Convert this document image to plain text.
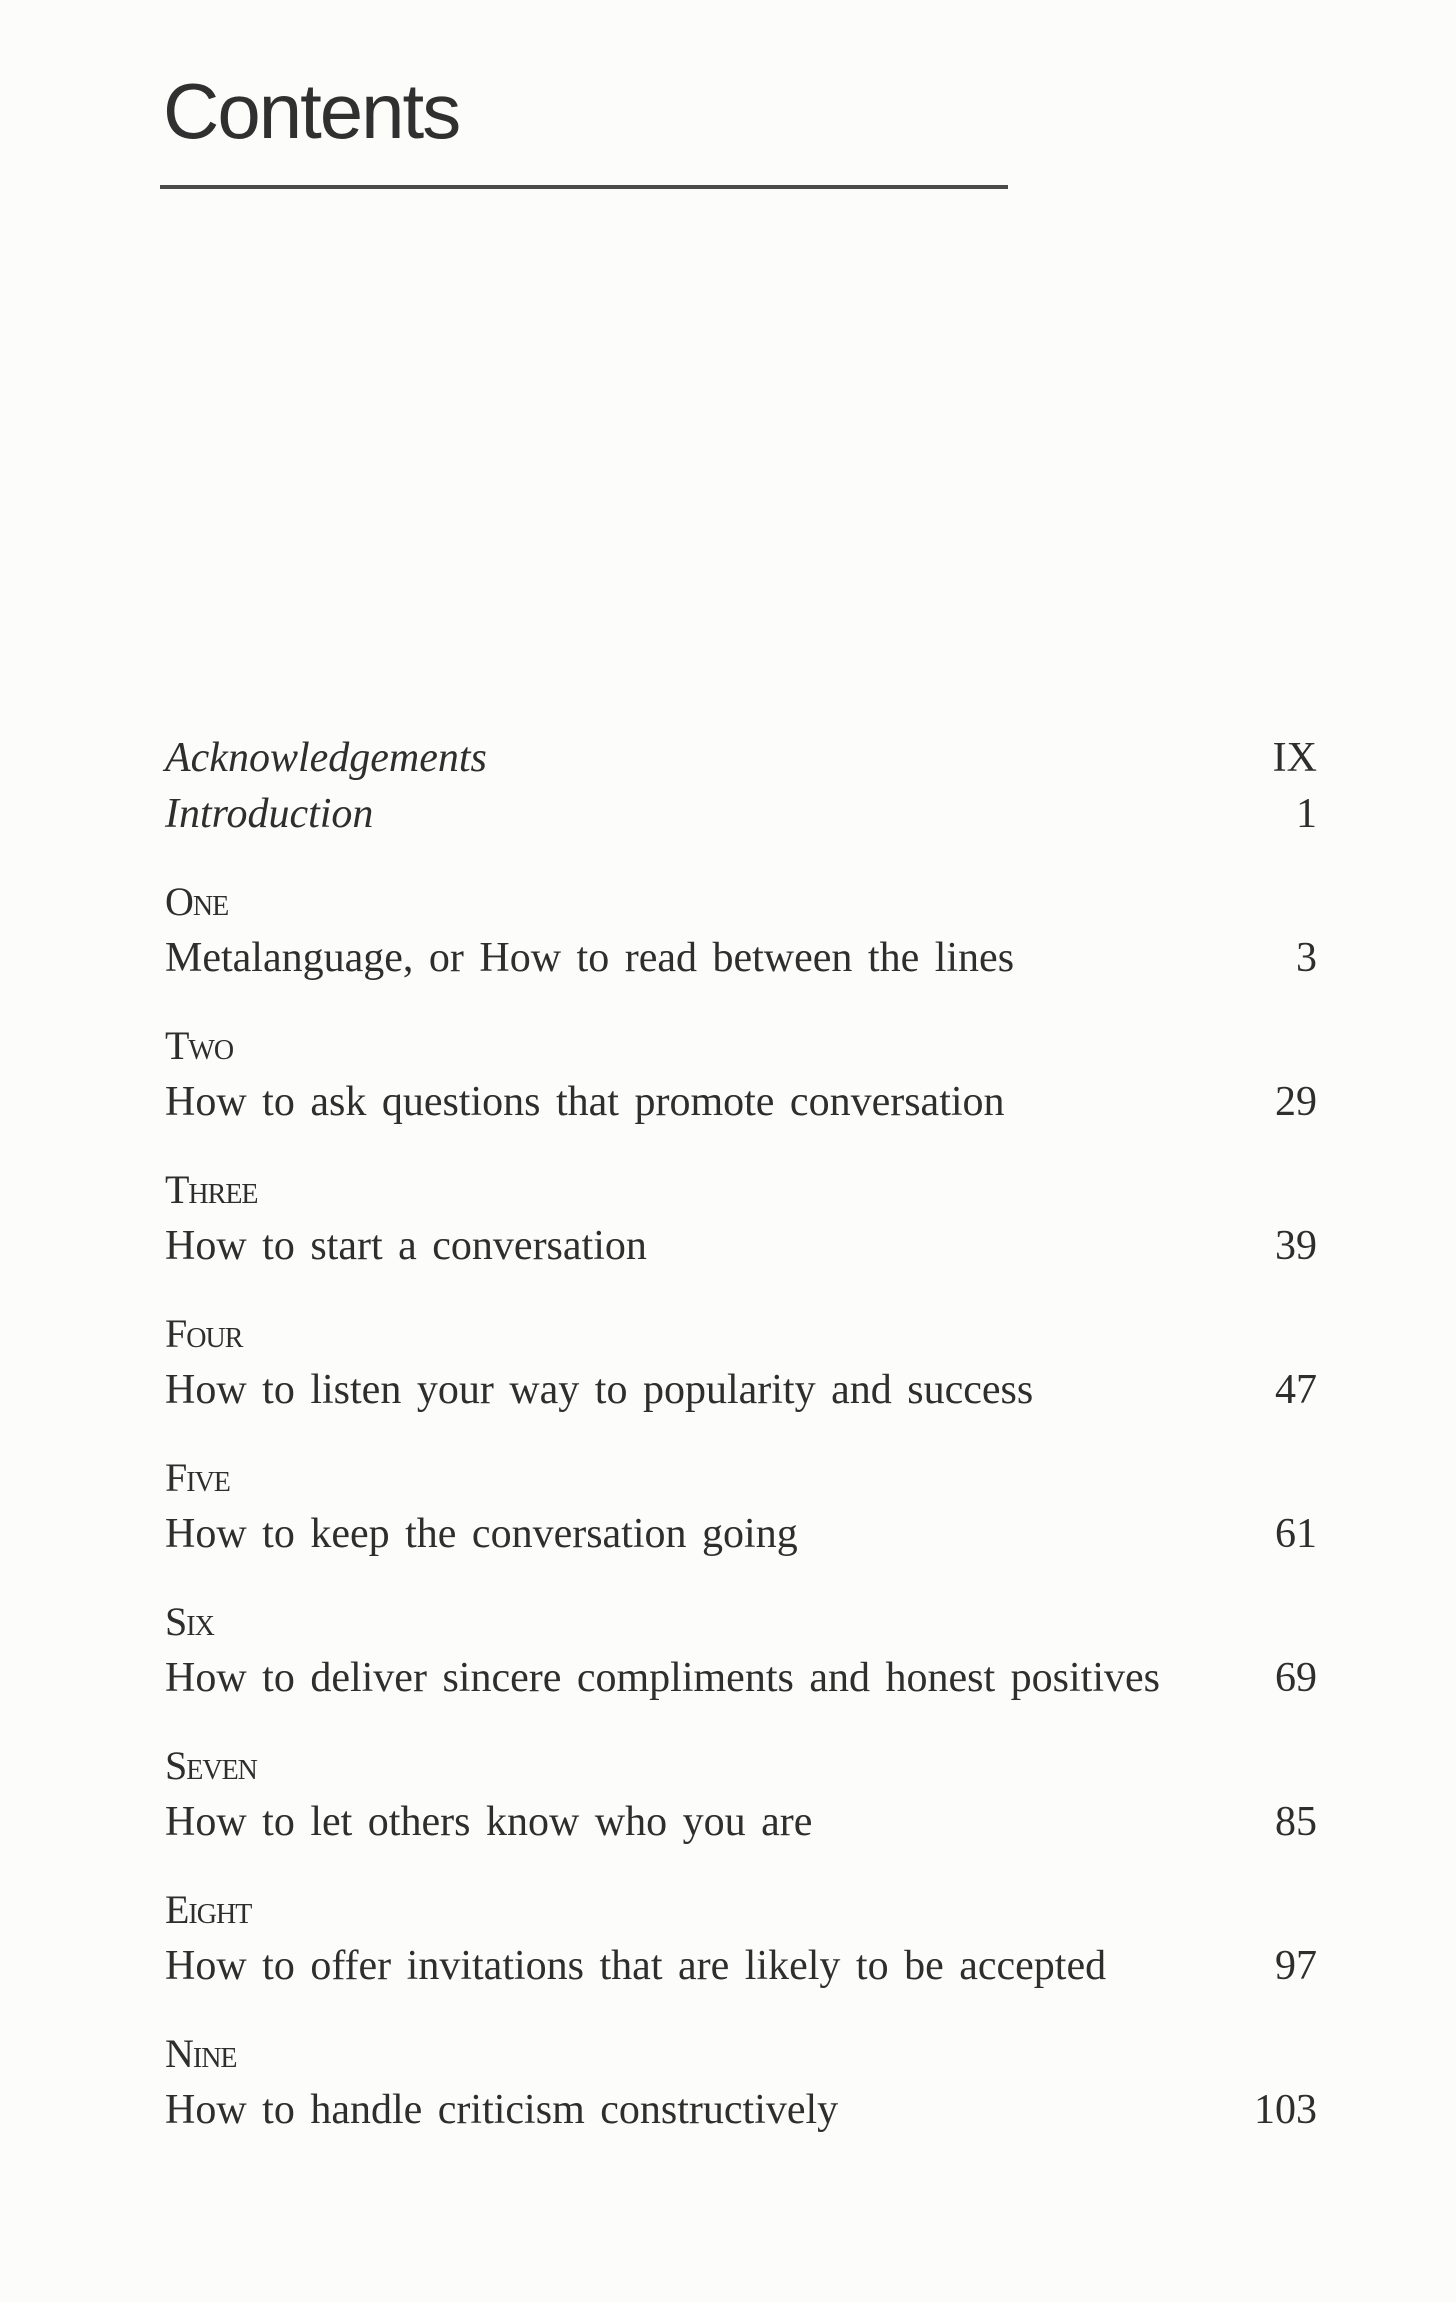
Contents
Acknowledgements	IX
Introduction	1
One
Metalanguage, or How to read between the lines	3
Two
How to ask questions that promote conversation	29
Three
How to start a conversation	39
Four
How to listen your way to popularity and success	47
Five
How to keep the conversation going	61
Six
How to deliver sincere compliments and honest positives	69
Seven
How to let others know who you are	85
Eight
How to offer invitations that are likely to be accepted	97
Nine
How to handle criticism constructively	103
